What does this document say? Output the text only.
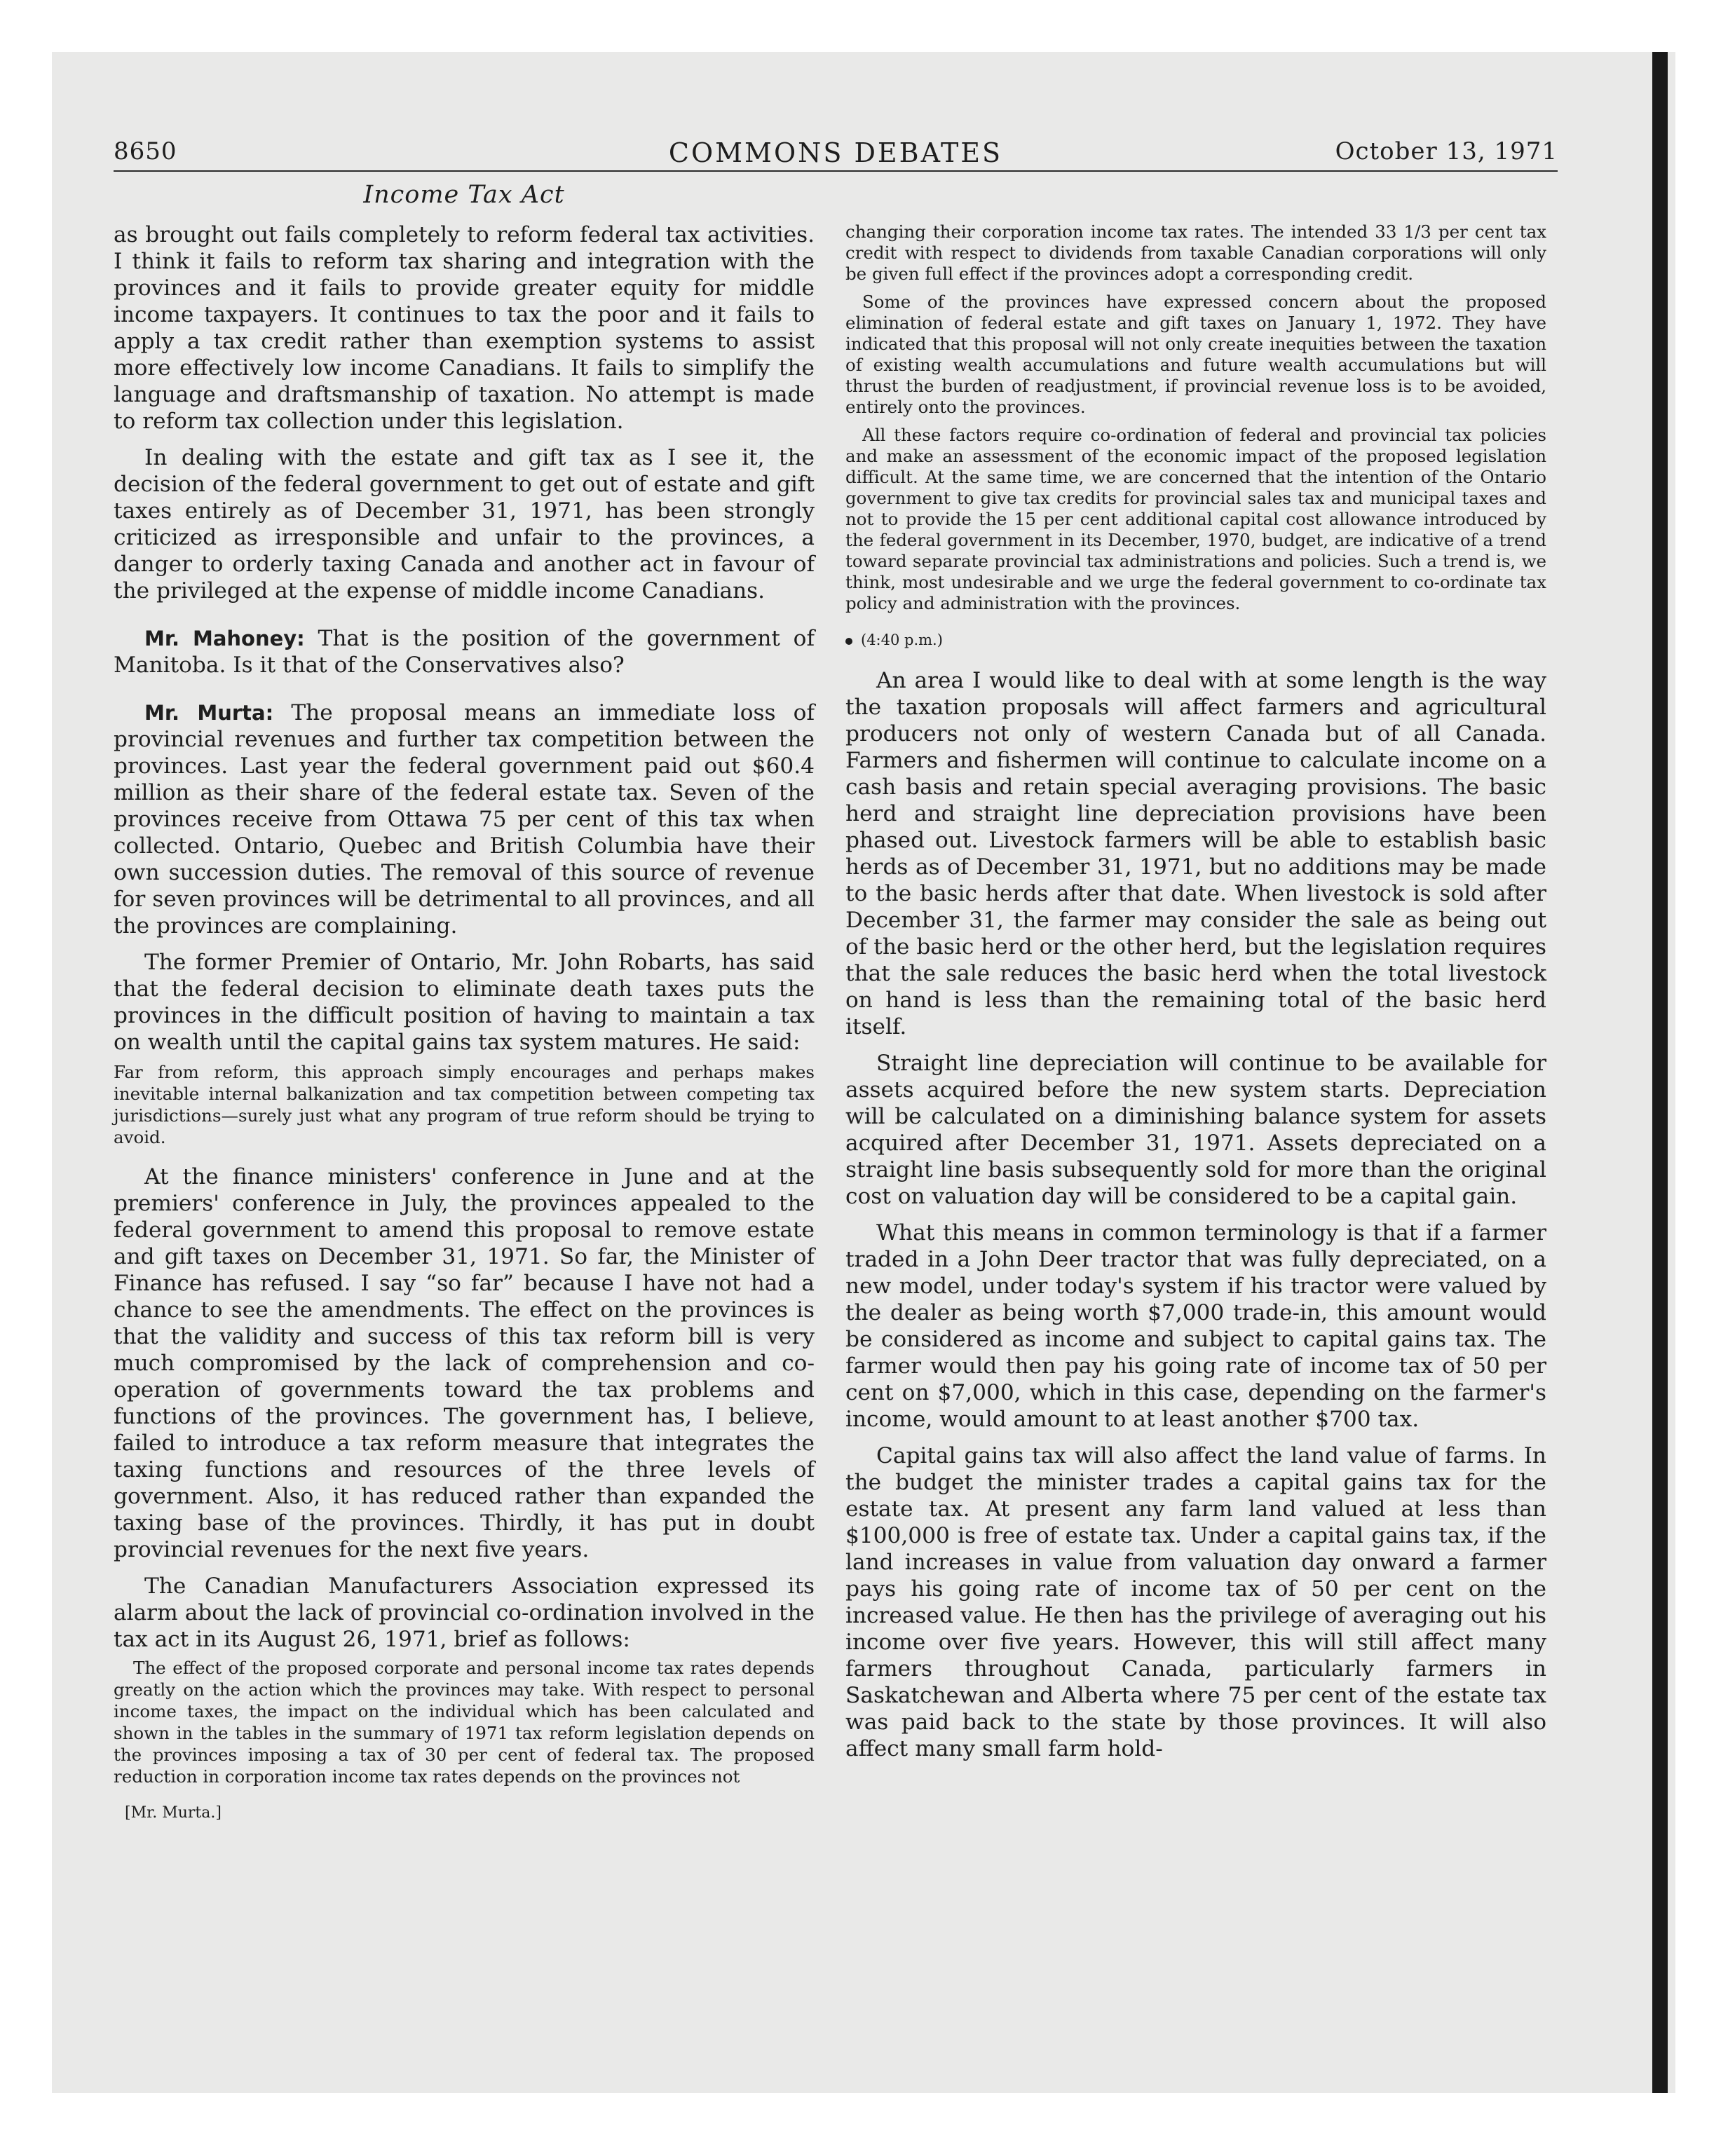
8650	COMMONS DEBATES	October 13, 1971
Income Tax Act

as brought out fails completely to reform federal tax activities. I think it fails to reform tax sharing and integration with the provinces and it fails to provide greater equity for middle income taxpayers. It continues to tax the poor and it fails to apply a tax credit rather than exemption systems to assist more effectively low income Canadians. It fails to simplify the language and draftsmanship of taxation. No attempt is made to reform tax collection under this legislation.

In dealing with the estate and gift tax as I see it, the decision of the federal government to get out of estate and gift taxes entirely as of December 31, 1971, has been strongly criticized as irresponsible and unfair to the provinces, a danger to orderly taxing Canada and another act in favour of the privileged at the expense of middle income Canadians.

Mr. Mahoney: That is the position of the government of Manitoba. Is it that of the Conservatives also?

Mr. Murta: The proposal means an immediate loss of provincial revenues and further tax competition between the provinces. Last year the federal government paid out $60.4 million as their share of the federal estate tax. Seven of the provinces receive from Ottawa 75 per cent of this tax when collected. Ontario, Quebec and British Columbia have their own succession duties. The removal of this source of revenue for seven provinces will be detrimental to all provinces, and all the provinces are complaining.

The former Premier of Ontario, Mr. John Robarts, has said that the federal decision to eliminate death taxes puts the provinces in the difficult position of having to maintain a tax on wealth until the capital gains tax system matures. He said:

Far from reform, this approach simply encourages and perhaps makes inevitable internal balkanization and tax competition between competing tax jurisdictions—surely just what any program of true reform should be trying to avoid.

At the finance ministers' conference in June and at the premiers' conference in July, the provinces appealed to the federal government to amend this proposal to remove estate and gift taxes on December 31, 1971. So far, the Minister of Finance has refused. I say “so far” because I have not had a chance to see the amendments. The effect on the provinces is that the validity and success of this tax reform bill is very much compromised by the lack of comprehension and co-operation of governments toward the tax problems and functions of the provinces. The government has, I believe, failed to introduce a tax reform measure that integrates the taxing functions and resources of the three levels of government. Also, it has reduced rather than expanded the taxing base of the provinces. Thirdly, it has put in doubt provincial revenues for the next five years.

The Canadian Manufacturers Association expressed its alarm about the lack of provincial co-ordination involved in the tax act in its August 26, 1971, brief as follows:

The effect of the proposed corporate and personal income tax rates depends greatly on the action which the provinces may take. With respect to personal income taxes, the impact on the individual which has been calculated and shown in the tables in the summary of 1971 tax reform legislation depends on the provinces imposing a tax of 30 per cent of federal tax. The proposed reduction in corporation income tax rates depends on the provinces not

[Mr. Murta.]

changing their corporation income tax rates. The intended 33 1/3 per cent tax credit with respect to dividends from taxable Canadian corporations will only be given full effect if the provinces adopt a corresponding credit.

Some of the provinces have expressed concern about the proposed elimination of federal estate and gift taxes on January 1, 1972. They have indicated that this proposal will not only create inequities between the taxation of existing wealth accumulations and future wealth accumulations but will thrust the burden of readjustment, if provincial revenue loss is to be avoided, entirely onto the provinces.

All these factors require co-ordination of federal and provincial tax policies and make an assessment of the economic impact of the proposed legislation difficult. At the same time, we are concerned that the intention of the Ontario government to give tax credits for provincial sales tax and municipal taxes and not to provide the 15 per cent additional capital cost allowance introduced by the federal government in its December, 1970, budget, are indicative of a trend toward separate provincial tax administrations and policies. Such a trend is, we think, most undesirable and we urge the federal government to co-ordinate tax policy and administration with the provinces.

(4:40 p.m.)

An area I would like to deal with at some length is the way the taxation proposals will affect farmers and agricultural producers not only of western Canada but of all Canada. Farmers and fishermen will continue to calculate income on a cash basis and retain special averaging provisions. The basic herd and straight line depreciation provisions have been phased out. Livestock farmers will be able to establish basic herds as of December 31, 1971, but no additions may be made to the basic herds after that date. When livestock is sold after December 31, the farmer may consider the sale as being out of the basic herd or the other herd, but the legislation requires that the sale reduces the basic herd when the total livestock on hand is less than the remaining total of the basic herd itself.

Straight line depreciation will continue to be available for assets acquired before the new system starts. Depreciation will be calculated on a diminishing balance system for assets acquired after December 31, 1971. Assets depreciated on a straight line basis subsequently sold for more than the original cost on valuation day will be considered to be a capital gain.

What this means in common terminology is that if a farmer traded in a John Deer tractor that was fully depreciated, on a new model, under today's system if his tractor were valued by the dealer as being worth $7,000 trade-in, this amount would be considered as income and subject to capital gains tax. The farmer would then pay his going rate of income tax of 50 per cent on $7,000, which in this case, depending on the farmer's income, would amount to at least another $700 tax.

Capital gains tax will also affect the land value of farms. In the budget the minister trades a capital gains tax for the estate tax. At present any farm land valued at less than $100,000 is free of estate tax. Under a capital gains tax, if the land increases in value from valuation day onward a farmer pays his going rate of income tax of 50 per cent on the increased value. He then has the privilege of averaging out his income over five years. However, this will still affect many farmers throughout Canada, particularly farmers in Saskatchewan and Alberta where 75 per cent of the estate tax was paid back to the state by those provinces. It will also affect many small farm hold-
